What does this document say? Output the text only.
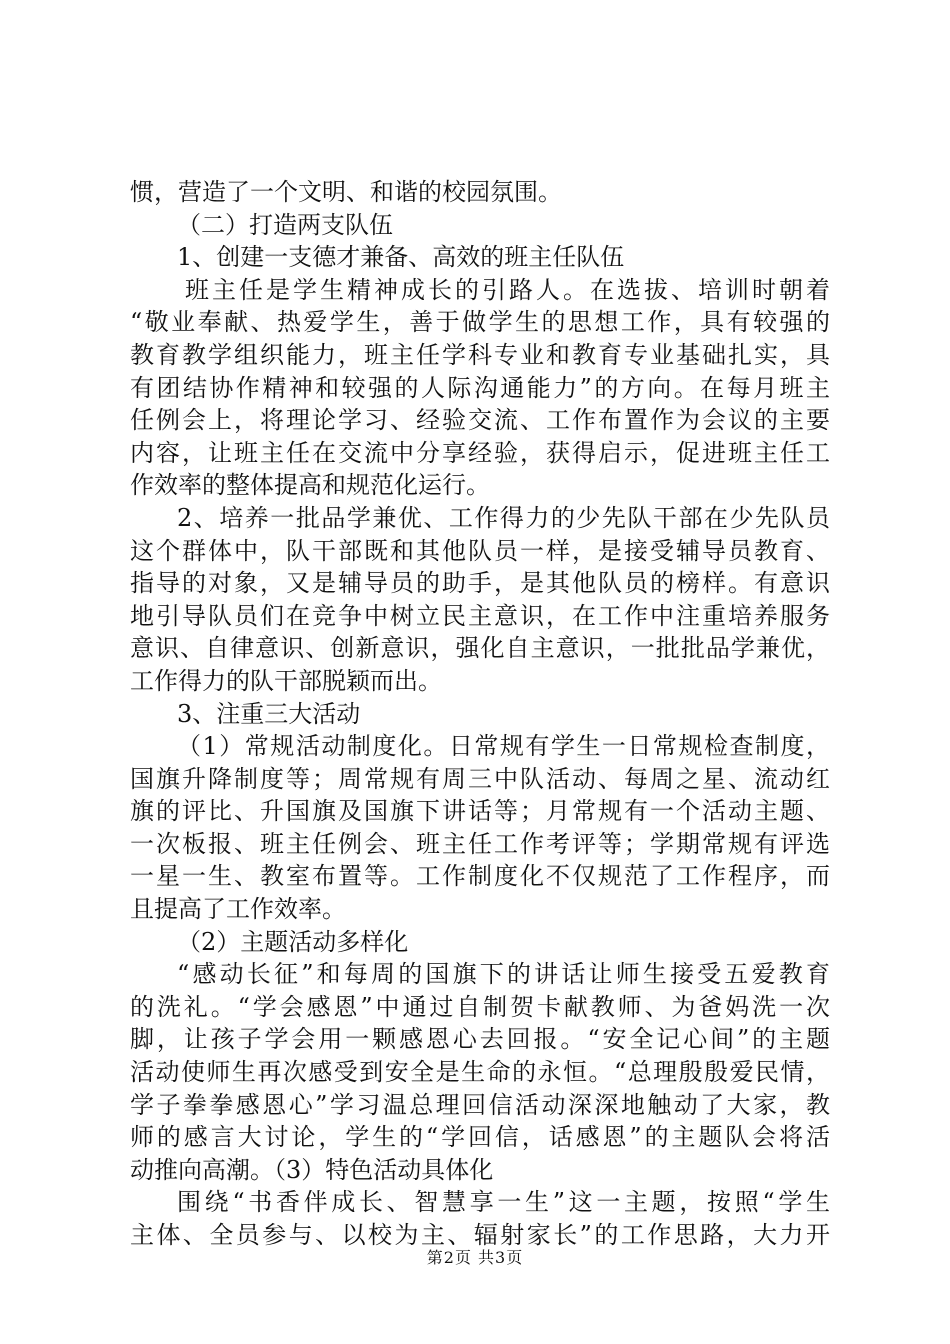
惯，营造了一个文明、和谐的校园氛围。
（二）打造两支队伍
1、创建一支德才兼备、高效的班主任队伍
班主任是学生精神成长的引路人。在选拔、培训时朝着
“敬业奉献、热爱学生，善于做学生的思想工作，具有较强的
教育教学组织能力，班主任学科专业和教育专业基础扎实，具
有团结协作精神和较强的人际沟通能力”的方向。在每月班主
任例会上，将理论学习、经验交流、工作布置作为会议的主要
内容，让班主任在交流中分享经验，获得启示，促进班主任工
作效率的整体提高和规范化运行。
2、培养一批品学兼优、工作得力的少先队干部在少先队员
这个群体中，队干部既和其他队员一样，是接受辅导员教育、
指导的对象，又是辅导员的助手，是其他队员的榜样。有意识
地引导队员们在竞争中树立民主意识，在工作中注重培养服务
意识、自律意识、创新意识，强化自主意识，一批批品学兼优，
工作得力的队干部脱颖而出。
3、注重三大活动
（1）常规活动制度化。日常规有学生一日常规检查制度，
国旗升降制度等；周常规有周三中队活动、每周之星、流动红
旗的评比、升国旗及国旗下讲话等；月常规有一个活动主题、
一次板报、班主任例会、班主任工作考评等；学期常规有评选
一星一生、教室布置等。工作制度化不仅规范了工作程序，而
且提高了工作效率。
（2）主题活动多样化
“感动长征”和每周的国旗下的讲话让师生接受五爱教育
的洗礼。“学会感恩”中通过自制贺卡献教师、为爸妈洗一次
脚，让孩子学会用一颗感恩心去回报。“安全记心间”的主题
活动使师生再次感受到安全是生命的永恒。“总理殷殷爱民情，
学子拳拳感恩心”学习温总理回信活动深深地触动了大家，教
师的感言大讨论，学生的“学回信，话感恩”的主题队会将活
动推向高潮。（3）特色活动具体化
围绕“书香伴成长、智慧享一生”这一主题，按照“学生
主体、全员参与、以校为主、辐射家长”的工作思路，大力开
第2页 共3页
